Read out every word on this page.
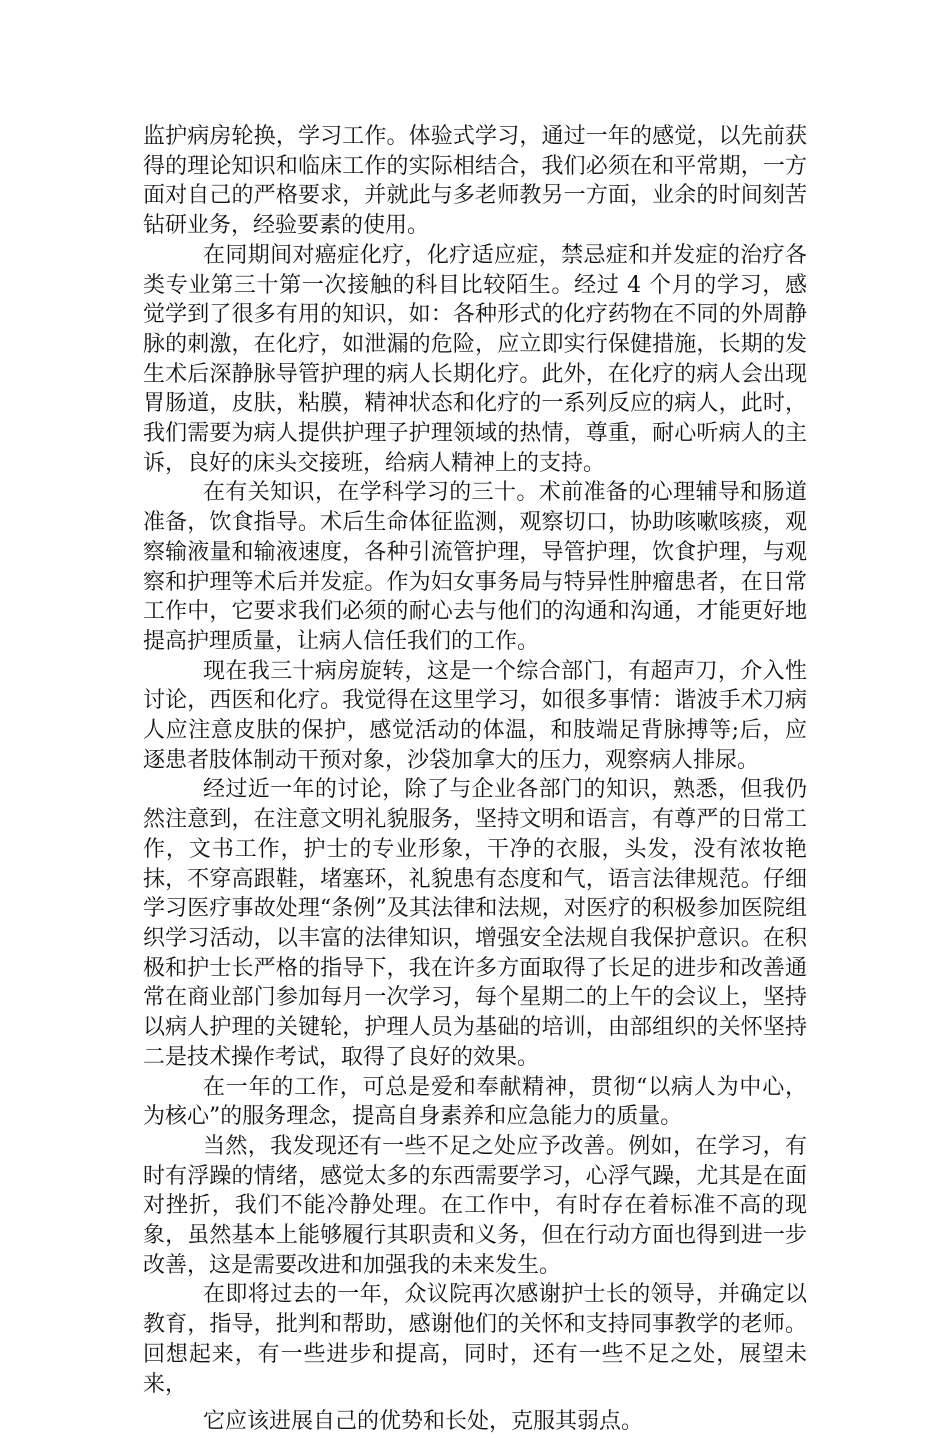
监护病房轮换，学习工作。体验式学习，通过一年的感觉，以先前获得的理论知识和临床工作的实际相结合，我们必须在和平常期，一方面对自己的严格要求，并就此与多老师教另一方面，业余的时间刻苦钻研业务，经验要素的使用。

在同期间对癌症化疗，化疗适应症，禁忌症和并发症的治疗各类专业第三十第一次接触的科目比较陌生。经过 4 个月的学习，感觉学到了很多有用的知识，如：各种形式的化疗药物在不同的外周静脉的刺激，在化疗，如泄漏的危险，应立即实行保健措施，长期的发生术后深静脉导管护理的病人长期化疗。此外，在化疗的病人会出现胃肠道，皮肤，粘膜，精神状态和化疗的一系列反应的病人，此时，我们需要为病人提供护理子护理领域的热情，尊重，耐心听病人的主诉，良好的床头交接班，给病人精神上的支持。

在有关知识，在学科学习的三十。术前准备的心理辅导和肠道准备，饮食指导。术后生命体征监测，观察切口，协助咳嗽咳痰，观察输液量和输液速度，各种引流管护理，导管护理，饮食护理，与观察和护理等术后并发症。作为妇女事务局与特异性肿瘤患者，在日常工作中，它要求我们必须的耐心去与他们的沟通和沟通，才能更好地提高护理质量，让病人信任我们的工作。

现在我三十病房旋转，这是一个综合部门，有超声刀，介入性讨论，西医和化疗。我觉得在这里学习，如很多事情：谐波手术刀病人应注意皮肤的保护，感觉活动的体温，和肢端足背脉搏等;后，应逐患者肢体制动干预对象，沙袋加拿大的压力，观察病人排尿。

经过近一年的讨论，除了与企业各部门的知识，熟悉，但我仍然注意到，在注意文明礼貌服务，坚持文明和语言，有尊严的日常工作，文书工作，护士的专业形象，干净的衣服，头发，没有浓妆艳抹，不穿高跟鞋，堵塞环，礼貌患有态度和气，语言法律规范。仔细学习医疗事故处理“条例”及其法律和法规，对医疗的积极参加医院组织学习活动，以丰富的法律知识，增强安全法规自我保护意识。在积极和护士长严格的指导下，我在许多方面取得了长足的进步和改善通常在商业部门参加每月一次学习，每个星期二的上午的会议上，坚持以病人护理的关键轮，护理人员为基础的培训，由部组织的关怀坚持二是技术操作考试，取得了良好的效果。

在一年的工作，可总是爱和奉献精神，贯彻“以病人为中心，为核心”的服务理念，提高自身素养和应急能力的质量。

当然，我发现还有一些不足之处应予改善。例如，在学习，有时有浮躁的情绪，感觉太多的东西需要学习，心浮气躁，尤其是在面对挫折，我们不能冷静处理。在工作中，有时存在着标准不高的现象，虽然基本上能够履行其职责和义务，但在行动方面也得到进一步改善，这是需要改进和加强我的未来发生。

在即将过去的一年，众议院再次感谢护士长的领导，并确定以教育，指导，批判和帮助，感谢他们的关怀和支持同事教学的老师。回想起来，有一些进步和提高，同时，还有一些不足之处，展望未来，

它应该进展自己的优势和长处，克服其弱点。
